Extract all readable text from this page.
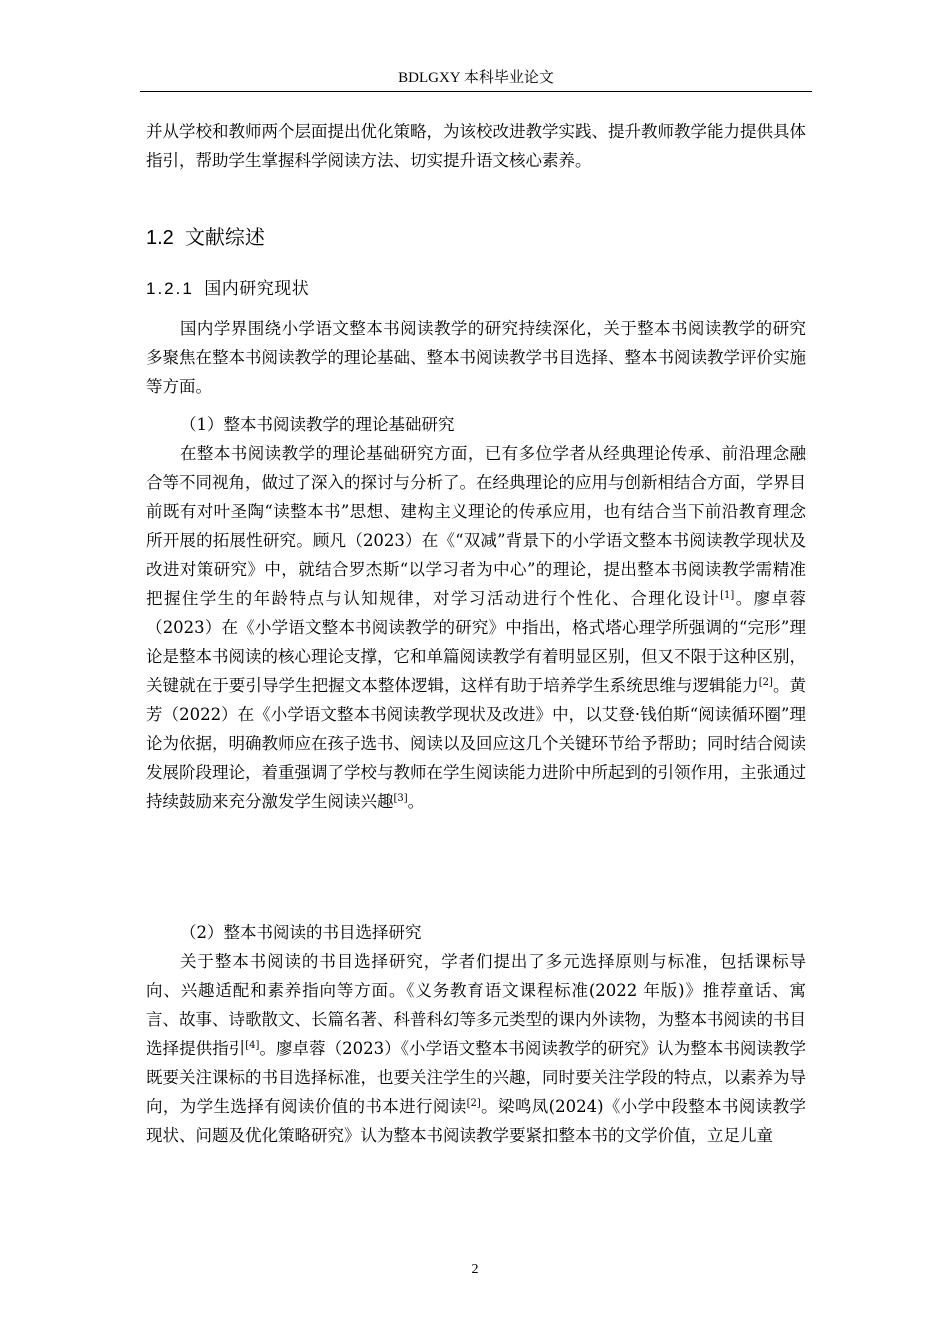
BDLGXY 本科毕业论文

并从学校和教师两个层面提出优化策略，为该校改进教学实践、提升教师教学能力提供具体指引，帮助学生掌握科学阅读方法、切实提升语文核心素养。

1.2 文献综述
1.2.1 国内研究现状

国内学界围绕小学语文整本书阅读教学的研究持续深化，关于整本书阅读教学的研究多聚焦在整本书阅读教学的理论基础、整本书阅读教学书目选择、整本书阅读教学评价实施等方面。

（1）整本书阅读教学的理论基础研究

在整本书阅读教学的理论基础研究方面，已有多位学者从经典理论传承、前沿理念融合等不同视角，做过了深入的探讨与分析了。在经典理论的应用与创新相结合方面，学界目前既有对叶圣陶“读整本书”思想、建构主义理论的传承应用，也有结合当下前沿教育理念所开展的拓展性研究。顾凡（2023）在《“双减”背景下的小学语文整本书阅读教学现状及改进对策研究》中，就结合罗杰斯“以学习者为中心”的理论，提出整本书阅读教学需精准把握住学生的年龄特点与认知规律，对学习活动进行个性化、合理化设计[1]。廖卓蓉（2023）在《小学语文整本书阅读教学的研究》中指出，格式塔心理学所强调的“完形”理论是整本书阅读的核心理论支撑，它和单篇阅读教学有着明显区别，但又不限于这种区别，关键就在于要引导学生把握文本整体逻辑，这样有助于培养学生系统思维与逻辑能力[2]。黄芳（2022）在《小学语文整本书阅读教学现状及改进》中，以艾登·钱伯斯“阅读循环圈”理论为依据，明确教师应在孩子选书、阅读以及回应这几个关键环节给予帮助；同时结合阅读发展阶段理论，着重强调了学校与教师在学生阅读能力进阶中所起到的引领作用，主张通过持续鼓励来充分激发学生阅读兴趣[3]。

（2）整本书阅读的书目选择研究

关于整本书阅读的书目选择研究，学者们提出了多元选择原则与标准，包括课标导向、兴趣适配和素养指向等方面。《义务教育语文课程标准(2022 年版)》推荐童话、寓言、故事、诗歌散文、长篇名著、科普科幻等多元类型的课内外读物，为整本书阅读的书目选择提供指引[4]。廖卓蓉（2023）《小学语文整本书阅读教学的研究》认为整本书阅读教学既要关注课标的书目选择标准，也要关注学生的兴趣，同时要关注学段的特点，以素养为导向，为学生选择有阅读价值的书本进行阅读[2]。梁鸣凤(2024)《小学中段整本书阅读教学现状、问题及优化策略研究》认为整本书阅读教学要紧扣整本书的文学价值，立足儿童

2
